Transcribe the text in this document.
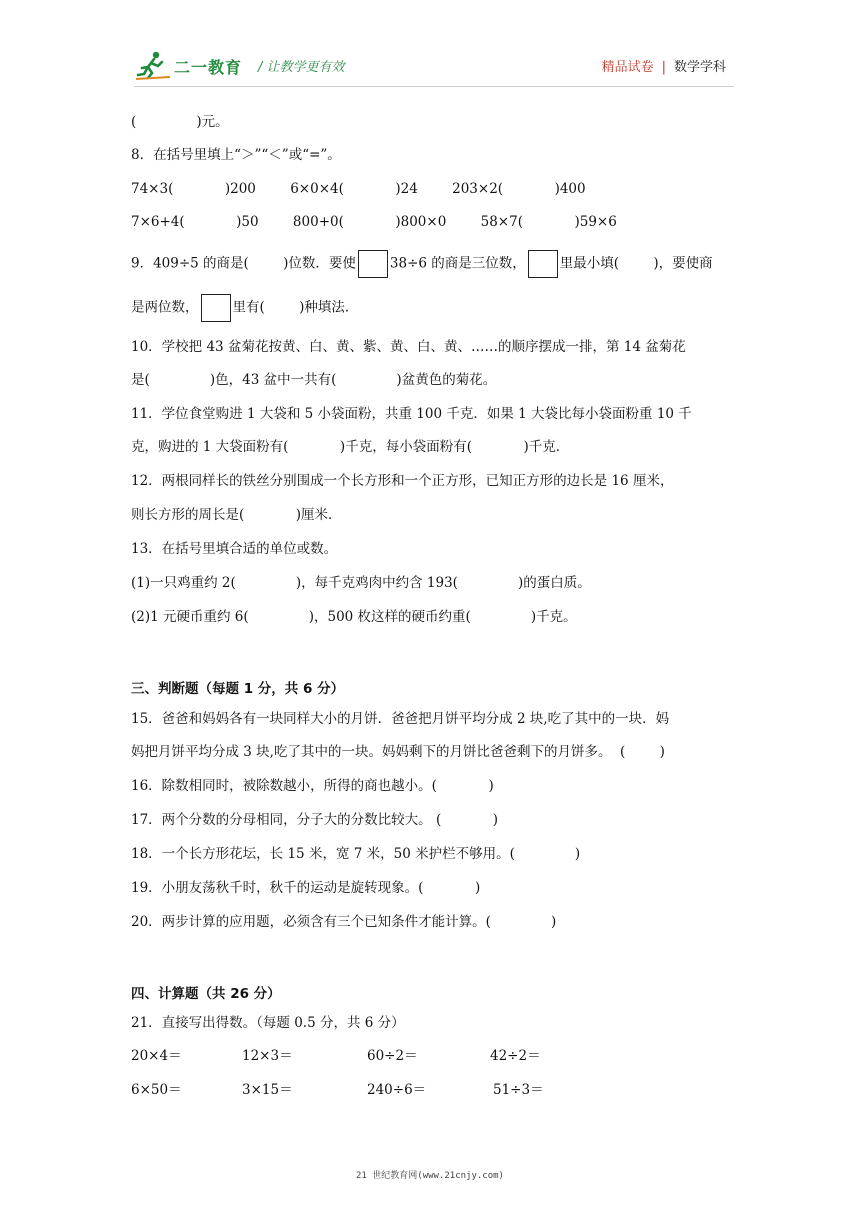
二一教育 / 让教学更有效	精品试卷 | 数学学科
(              )元。
8．在括号里填上“＞”“＜”或“=”。
74×3(            )200        6×0×4(            )24        203×2(            )400
7×6+4(            )50        800+0(            )800×0        58×7(            )59×6
9．409÷5 的商是(        )位数．要使	38÷6 的商是三位数，	里最小填(        )，要使商
是两位数，	里有(        )种填法．
10．学校把 43 盆菊花按黄、白、黄、紫、黄、白、黄、……的顺序摆成一排，第 14 盆菊花
是(              )色，43 盆中一共有(              )盆黄色的菊花。
11．学位食堂购进 1 大袋和 5 小袋面粉，共重 100 千克．如果 1 大袋比每小袋面粉重 10 千
克，购进的 1 大袋面粉有(            )千克，每小袋面粉有(            )千克．
12．两根同样长的铁丝分别围成一个长方形和一个正方形，已知正方形的边长是 16 厘米，
则长方形的周长是(            )厘米．
13．在括号里填合适的单位或数。
(1)一只鸡重约 2(              )，每千克鸡肉中约含 193(              )的蛋白质。
(2)1 元硬币重约 6(              )，500 枚这样的硬币约重(              )千克。
三、判断题（每题 1 分，共 6 分）
15．爸爸和妈妈各有一块同样大小的月饼．爸爸把月饼平均分成 2 块,吃了其中的一块．妈
妈把月饼平均分成 3 块,吃了其中的一块。妈妈剩下的月饼比爸爸剩下的月饼多。  (        )
16．除数相同时，被除数越小，所得的商也越小。(            )
17．两个分数的分母相同，分子大的分数比较大。 (            )
18．一个长方形花坛，长 15 米，宽 7 米，50 米护栏不够用。(              )
19．小朋友荡秋千时，秋千的运动是旋转现象。(            )
20．两步计算的应用题，必须含有三个已知条件才能计算。(              )
四、计算题（共 26 分）
21．直接写出得数。（每题 0.5 分，共 6 分）
20×4＝	12×3＝	60÷2＝	42÷2＝
6×50＝	3×15＝	240÷6＝	51÷3＝
21 世纪教育网(www.21cnjy.com)
